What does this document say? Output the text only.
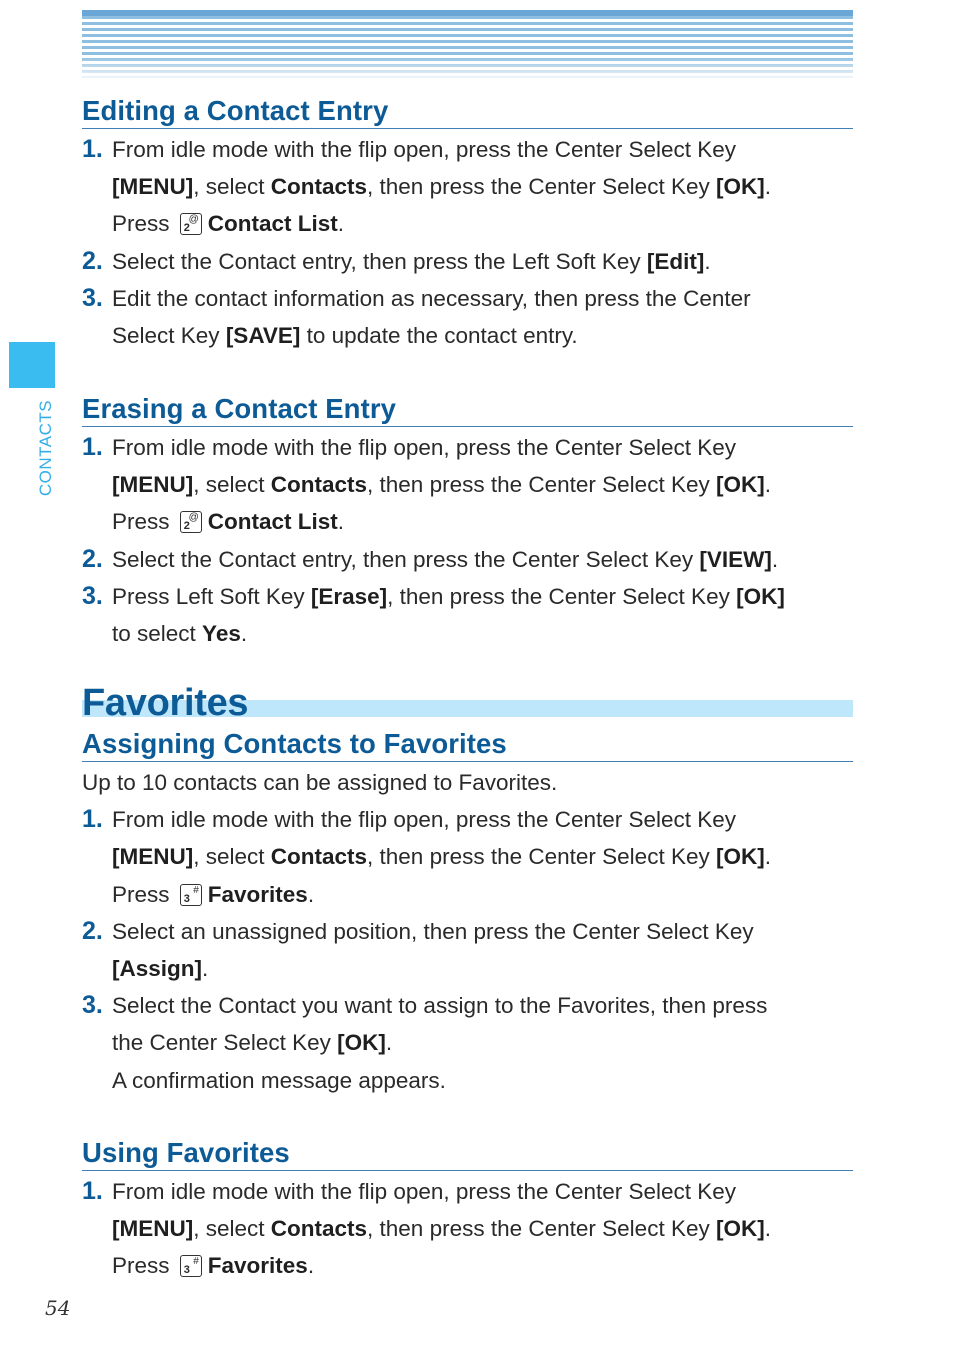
CONTACTS
Editing a Contact Entry
1. From idle mode with the flip open, press the Center Select Key
[MENU], select Contacts, then press the Center Select Key [OK].
Press 2
@ Contact List.
2. Select the Contact entry, then press the Left Soft Key [Edit].
3. Edit the contact information as necessary, then press the Center
Select Key [SAVE] to update the contact entry.
Erasing a Contact Entry
1. From idle mode with the flip open, press the Center Select Key
[MENU], select Contacts, then press the Center Select Key [OK].
Press 2
@ Contact List.
2. Select the Contact entry, then press the Center Select Key [VIEW].
3. Press Left Soft Key [Erase], then press the Center Select Key [OK]
to select Yes.
Favorites
Assigning Contacts to Favorites
Up to 10 contacts can be assigned to Favorites.
1. From idle mode with the flip open, press the Center Select Key
[MENU], select Contacts, then press the Center Select Key [OK].
Press 3
# Favorites.
2. Select an unassigned position, then press the Center Select Key
[Assign].
3. Select the Contact you want to assign to the Favorites, then press
the Center Select Key [OK].
A confirmation message appears.
Using Favorites
1. From idle mode with the flip open, press the Center Select Key
[MENU], select Contacts, then press the Center Select Key [OK].
Press 3
# Favorites.
54
